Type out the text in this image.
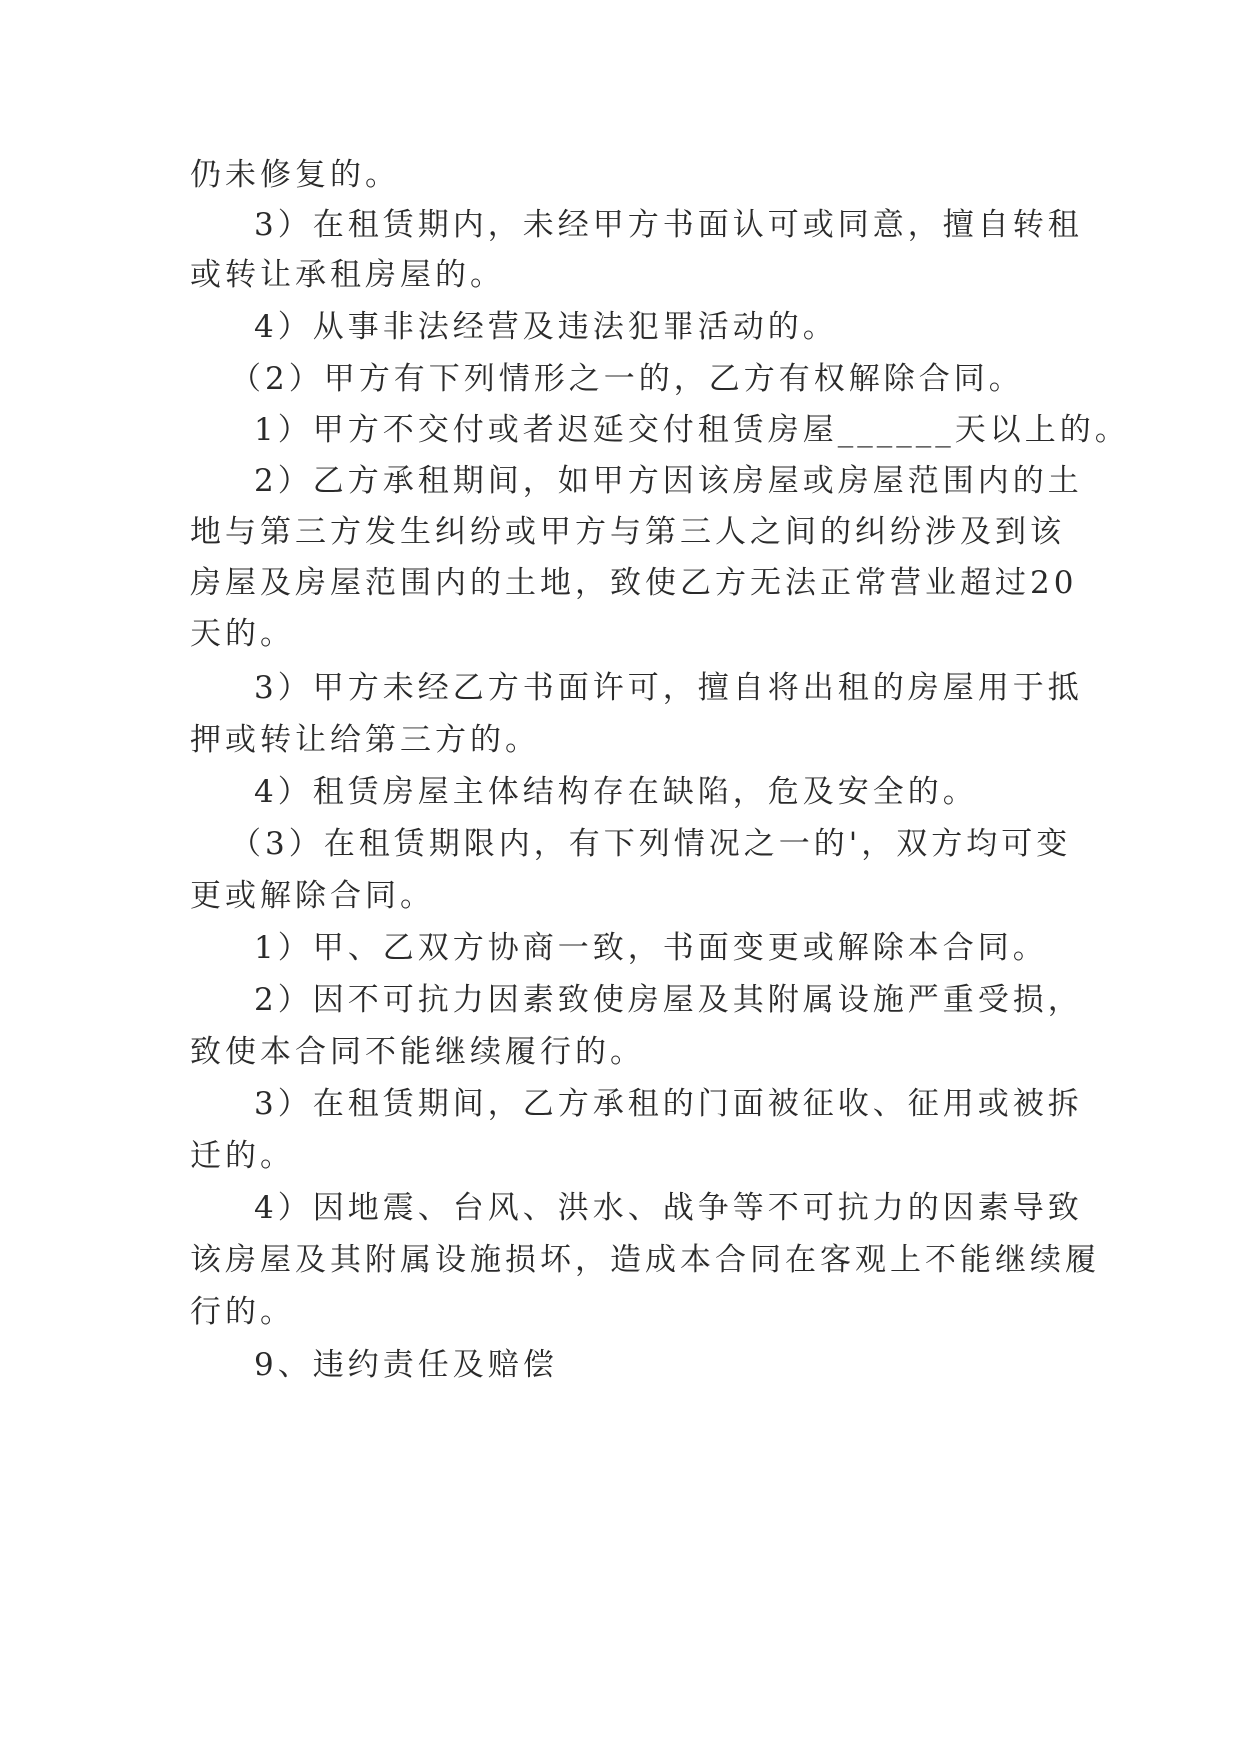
仍未修复的。
3）在租赁期内，未经甲方书面认可或同意，擅自转租
或转让承租房屋的。
4）从事非法经营及违法犯罪活动的。
（2）甲方有下列情形之一的，乙方有权解除合同。
1）甲方不交付或者迟延交付租赁房屋______天以上的。
2）乙方承租期间，如甲方因该房屋或房屋范围内的土
地与第三方发生纠纷或甲方与第三人之间的纠纷涉及到该
房屋及房屋范围内的土地，致使乙方无法正常营业超过20
天的。
3）甲方未经乙方书面许可，擅自将出租的房屋用于抵
押或转让给第三方的。
4）租赁房屋主体结构存在缺陷，危及安全的。
（3）在租赁期限内，有下列情况之一的'，双方均可变
更或解除合同。
1）甲、乙双方协商一致，书面变更或解除本合同。
2）因不可抗力因素致使房屋及其附属设施严重受损，
致使本合同不能继续履行的。
3）在租赁期间，乙方承租的门面被征收、征用或被拆
迁的。
4）因地震、台风、洪水、战争等不可抗力的因素导致
该房屋及其附属设施损坏，造成本合同在客观上不能继续履
行的。
9、违约责任及赔偿
